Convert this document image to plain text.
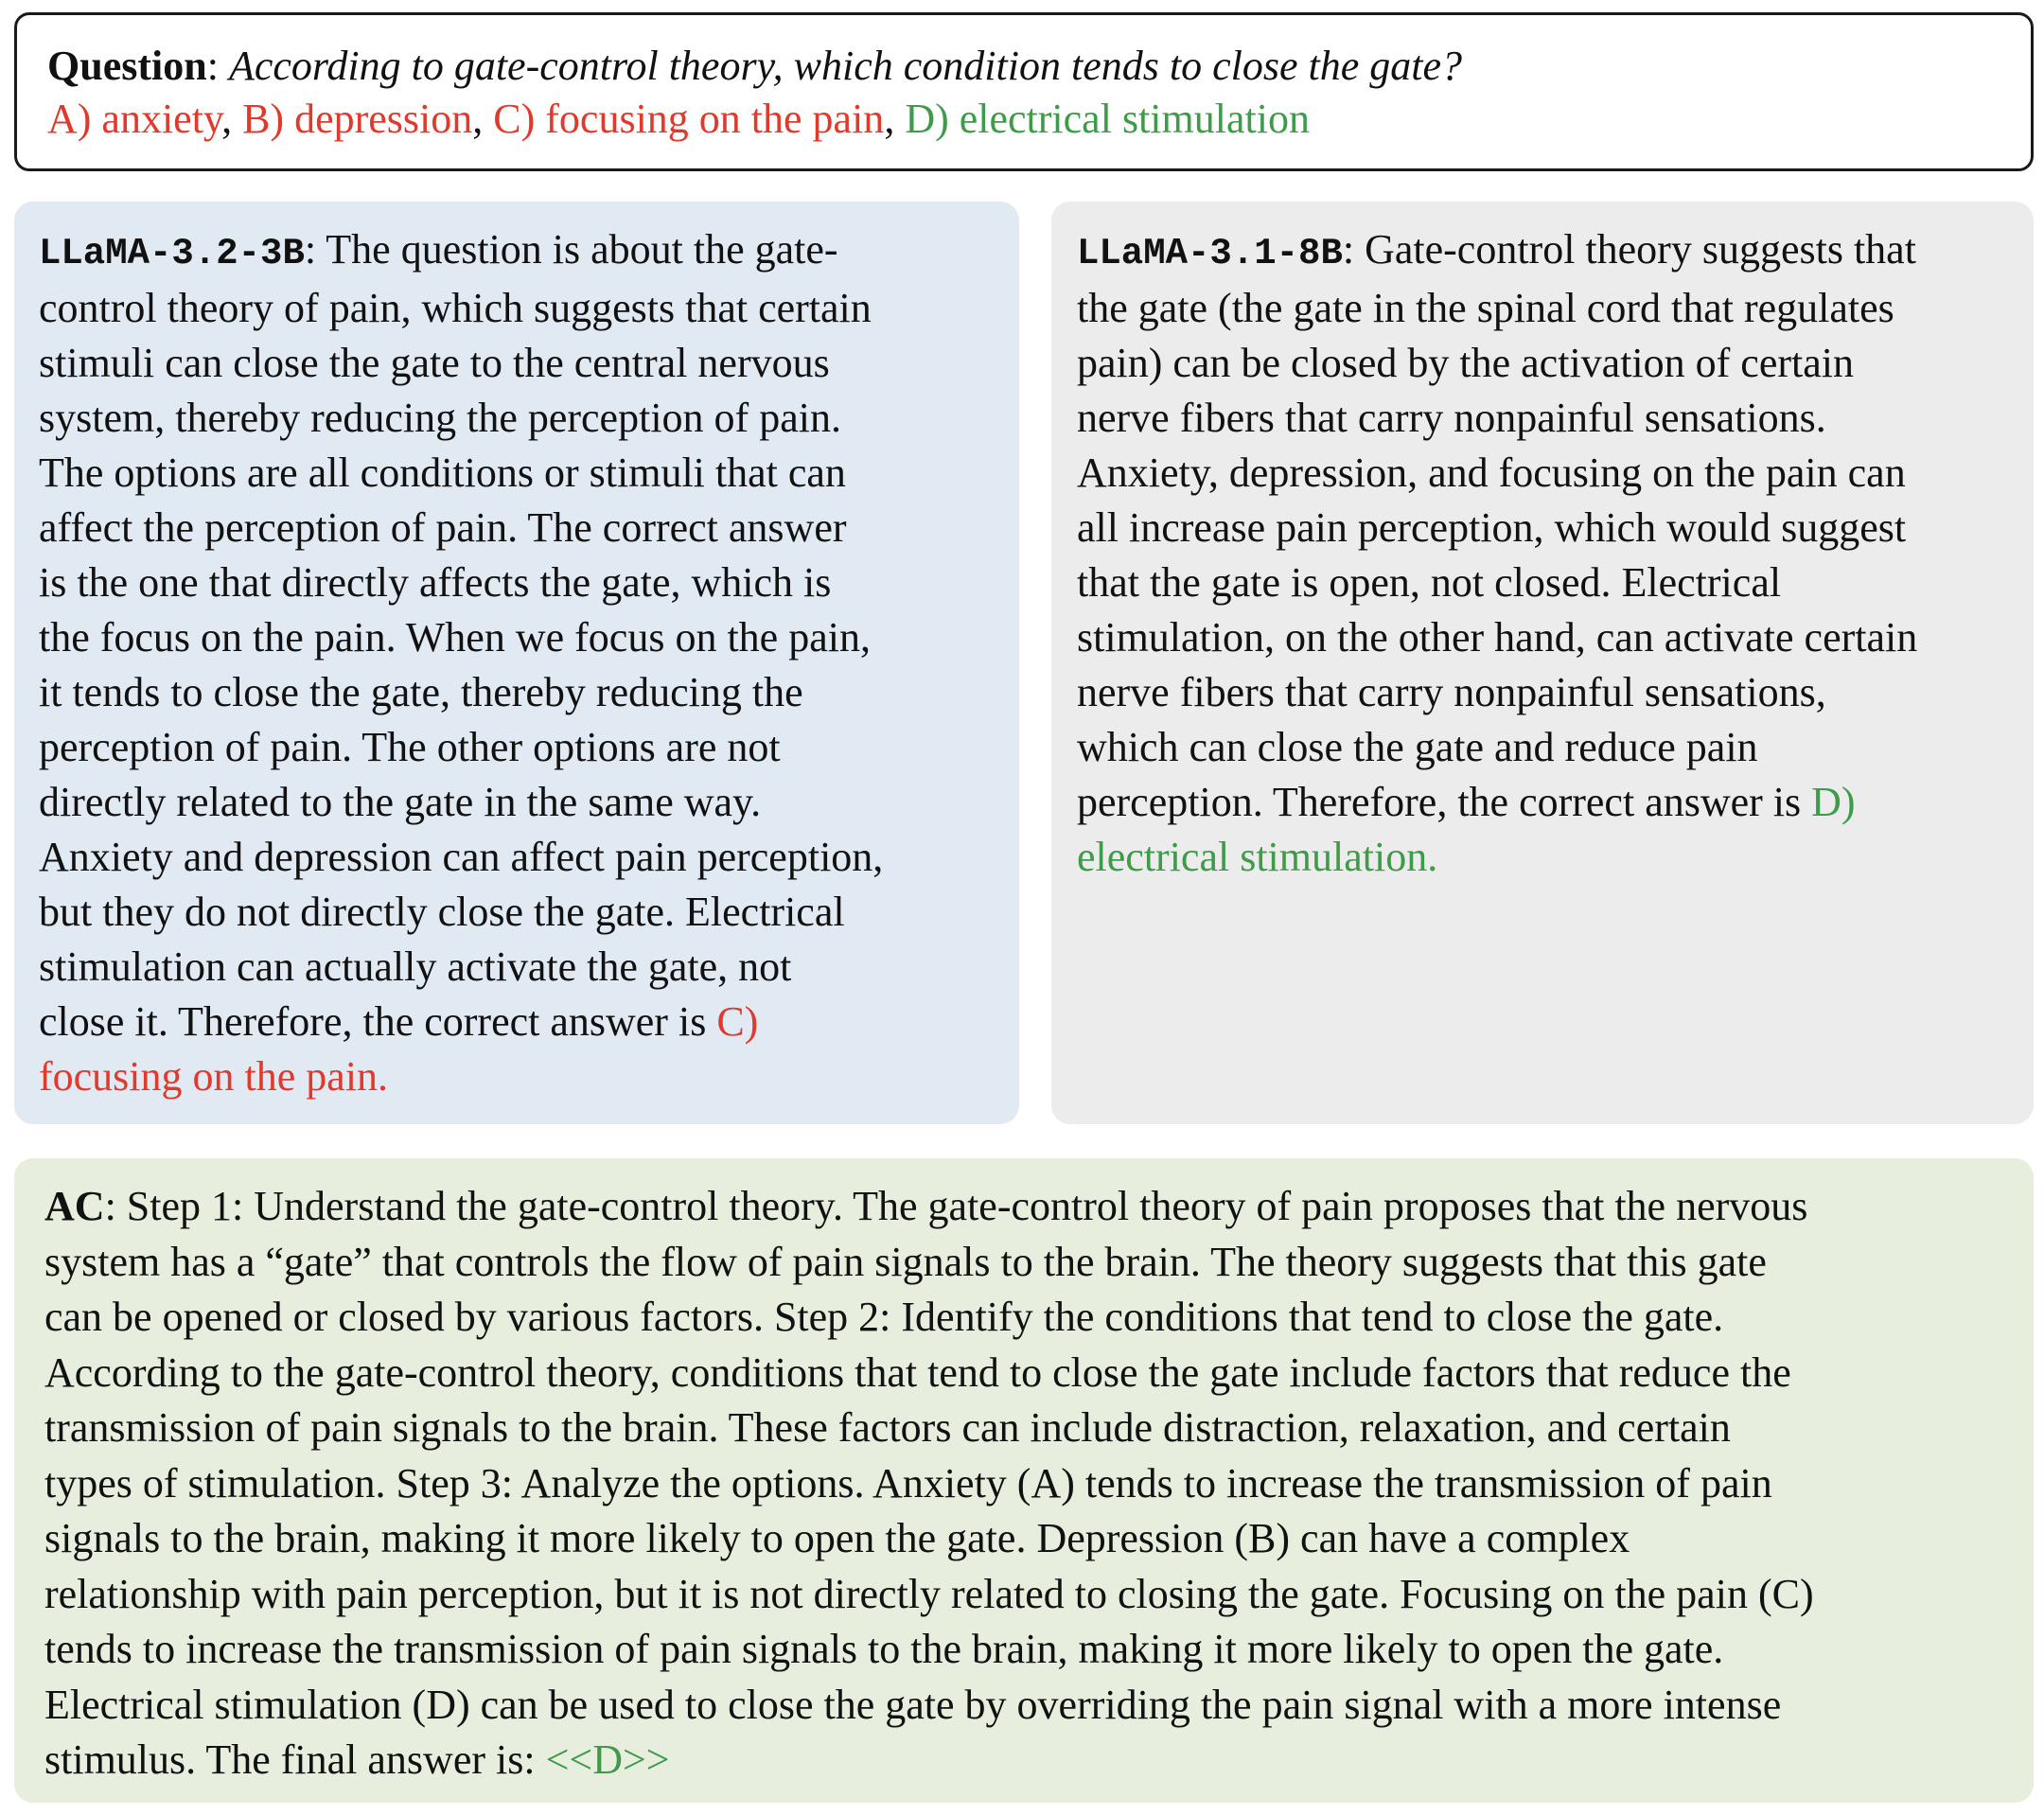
Question: According to gate-control theory, which condition tends to close the gate?
A) anxiety, B) depression, C) focusing on the pain, D) electrical stimulation
LLaMA-3.2-3B: The question is about the gate-
control theory of pain, which suggests that certain
stimuli can close the gate to the central nervous
system, thereby reducing the perception of pain.
The options are all conditions or stimuli that can
affect the perception of pain. The correct answer
is the one that directly affects the gate, which is
the focus on the pain. When we focus on the pain,
it tends to close the gate, thereby reducing the
perception of pain. The other options are not
directly related to the gate in the same way.
Anxiety and depression can affect pain perception,
but they do not directly close the gate. Electrical
stimulation can actually activate the gate, not
close it. Therefore, the correct answer is C)
focusing on the pain.
LLaMA-3.1-8B: Gate-control theory suggests that
the gate (the gate in the spinal cord that regulates
pain) can be closed by the activation of certain
nerve fibers that carry nonpainful sensations.
Anxiety, depression, and focusing on the pain can
all increase pain perception, which would suggest
that the gate is open, not closed. Electrical
stimulation, on the other hand, can activate certain
nerve fibers that carry nonpainful sensations,
which can close the gate and reduce pain
perception. Therefore, the correct answer is D)
electrical stimulation.
AC: Step 1: Understand the gate-control theory. The gate-control theory of pain proposes that the nervous
system has a “gate” that controls the flow of pain signals to the brain. The theory suggests that this gate
can be opened or closed by various factors. Step 2: Identify the conditions that tend to close the gate.
According to the gate-control theory, conditions that tend to close the gate include factors that reduce the
transmission of pain signals to the brain. These factors can include distraction, relaxation, and certain
types of stimulation. Step 3: Analyze the options. Anxiety (A) tends to increase the transmission of pain
signals to the brain, making it more likely to open the gate. Depression (B) can have a complex
relationship with pain perception, but it is not directly related to closing the gate. Focusing on the pain (C)
tends to increase the transmission of pain signals to the brain, making it more likely to open the gate.
Electrical stimulation (D) can be used to close the gate by overriding the pain signal with a more intense
stimulus. The final answer is: <<D>>
